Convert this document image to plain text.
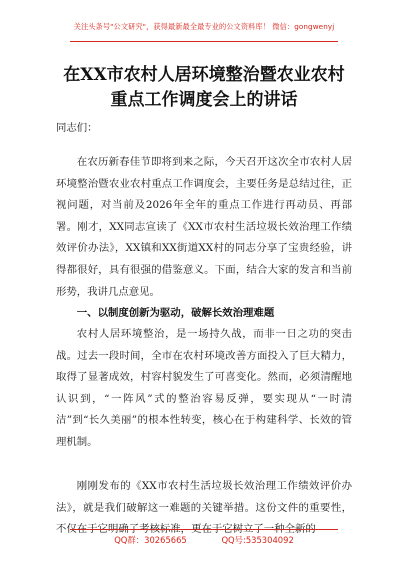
关注头条号"公文研究"，获得最新最全最专业的公文资料库！ 微信：gongwenyj
在XX市农村人居环境整治暨农业农村重点工作调度会上的讲话
同志们：
在农历新春佳节即将到来之际，今天召开这次全市农村人居环境整治暨农业农村重点工作调度会，主要任务是总结过往，正视问题，对当前及2026年全年的重点工作进行再动员、再部署。刚才，XX同志宣读了《XX市农村生活垃圾长效治理工作绩效评价办法》，XX镇和XX街道XX村的同志分享了宝贵经验，讲得都很好，具有很强的借鉴意义。下面，结合大家的发言和当前形势，我讲几点意见。
一、以制度创新为驱动，破解长效治理难题
农村人居环境整治，是一场持久战，而非一日之功的突击战。过去一段时间，全市在农村环境改善方面投入了巨大精力，取得了显著成效，村容村貌发生了可喜变化。然而，必须清醒地认识到，“一阵风”式的整治容易反弹，要实现从“一时清洁”到“长久美丽”的根本性转变，核心在于构建科学、长效的管理机制。
刚刚发布的《XX市农村生活垃圾长效治理工作绩效评价办法》，就是我们破解这一难题的关键举措。这份文件的重要性，不仅在于它明确了考核标准，更在于它树立了一种全新的
QQ群：30265665	QQ号:535304092
